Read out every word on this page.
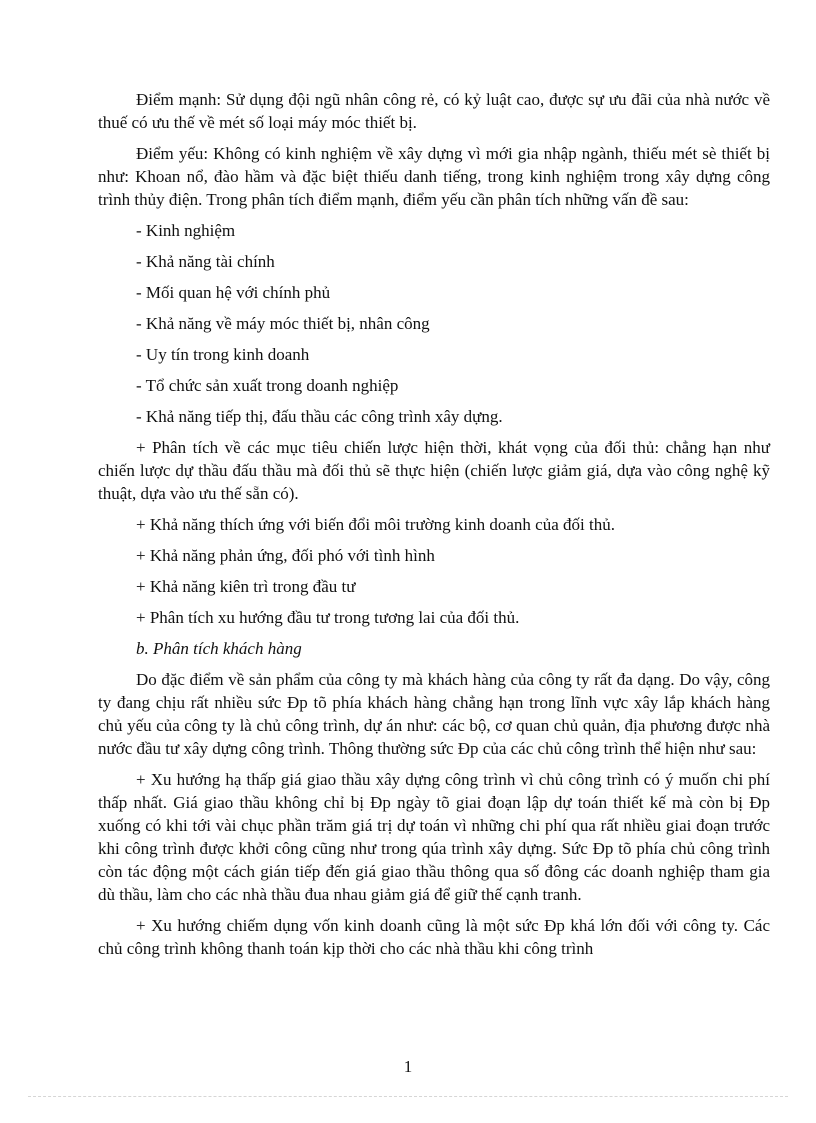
Điểm mạnh: Sử dụng đội ngũ nhân công rẻ, có kỷ luật cao, được sự ưu đãi của nhà nước về thuế có ưu thế về mét số loại máy móc thiết bị.

Điểm yếu: Không có kinh nghiệm về xây dựng vì mới gia nhập ngành, thiếu mét sè thiết bị như: Khoan nổ, đào hầm và đặc biệt thiếu danh tiếng, trong kinh nghiệm trong xây dựng công trình thủy điện. Trong phân tích điểm mạnh, điểm yếu cần phân tích những vấn đề sau:

- Kinh nghiệm

- Khả năng tài chính

- Mối quan hệ với chính phủ

- Khả năng về máy móc thiết bị, nhân công

- Uy tín trong kinh doanh

- Tổ chức sản xuất trong doanh nghiệp

- Khả năng tiếp thị, đấu thầu các công trình xây dựng.

+ Phân tích về các mục tiêu chiến lược hiện thời, khát vọng của đối thủ: chẳng hạn như chiến lược dự thầu đấu thầu mà đối thủ sẽ thực hiện (chiến lược giảm giá, dựa vào công nghệ kỹ thuật, dựa vào ưu thế sẵn có).

+ Khả năng thích ứng với biến đổi môi trường kinh doanh của đối thủ.

+ Khả năng phản ứng, đối phó với tình hình

+ Khả năng kiên trì trong đầu tư

+ Phân tích xu hướng đầu tư trong tương lai của đối thủ.

b. Phân tích khách hàng

Do đặc điểm về sản phẩm của công ty mà khách hàng của công ty rất đa dạng. Do vậy, công ty đang chịu rất nhiều sức Ðp tõ phía khách hàng chẳng hạn trong lĩnh vực xây lắp khách hàng chủ yếu của công ty là chủ công trình, dự án như: các bộ, cơ quan chủ quản, địa phương được nhà nước đầu tư xây dựng công trình. Thông thường sức Ðp của các chủ công trình thể hiện như sau:

+ Xu hướng hạ thấp giá giao thầu xây dựng công trình vì chủ công trình có ý muốn chi phí thấp nhất. Giá giao thầu không chỉ bị Ðp ngày tõ giai đoạn lập dự toán thiết kế mà còn bị Ðp xuống có khi tới vài chục phần trăm giá trị dự toán vì những chi phí qua rất nhiều giai đoạn trước khi công trình được khởi công cũng như trong qúa trình xây dựng. Sức Ðp tõ phía chủ công trình còn tác động một cách gián tiếp đến giá giao thầu thông qua số đông các doanh nghiệp tham gia dù thầu, làm cho các nhà thầu đua nhau giảm giá để giữ thế cạnh tranh.

+ Xu hướng chiếm dụng vốn kinh doanh cũng là một sức Ðp khá lớn đối với công ty. Các chủ công trình không thanh toán kịp thời cho các nhà thầu khi công trình

1
